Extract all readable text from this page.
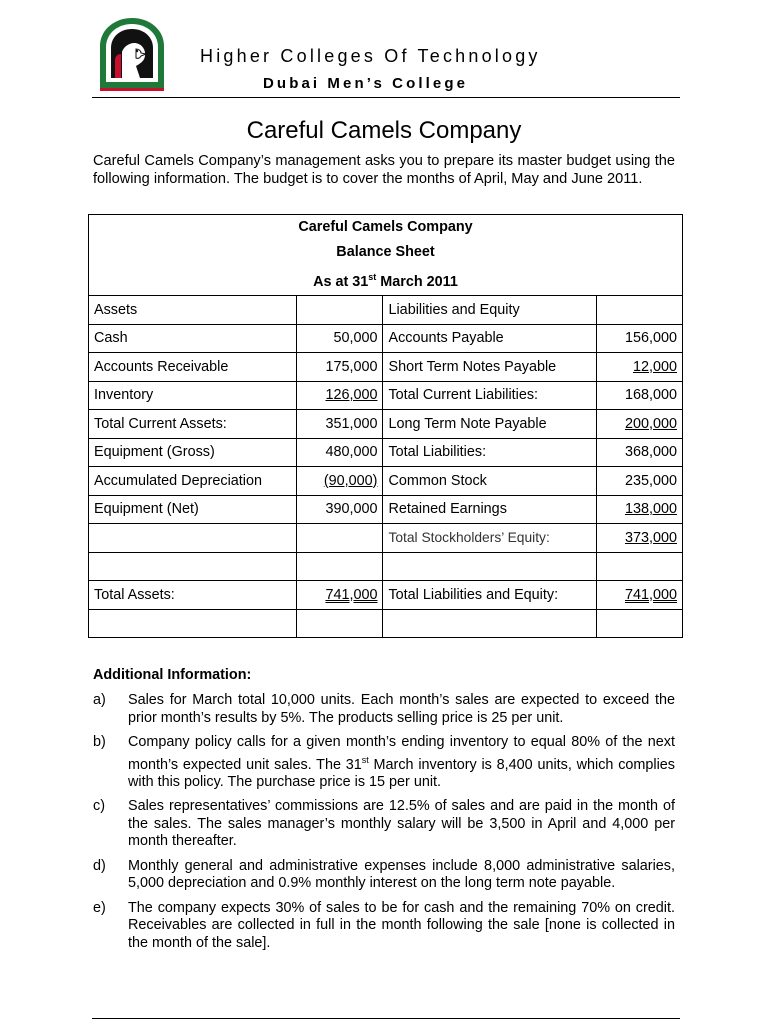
Higher Colleges Of Technology
Dubai Men’s College
Careful Camels Company
Careful Camels Company’s management asks you to prepare its master budget using the following information. The budget is to cover the months of April, May and June 2011.
Careful Camels Company
Balance Sheet
As at 31st March 2011			

Assets		Liabilities and Equity	
Cash	50,000	Accounts Payable	156,000
Accounts Receivable	175,000	Short Term Notes Payable	12,000
Inventory	126,000	Total Current Liabilities:	168,000
Total Current Assets:	351,000	Long Term Note Payable	200,000
Equipment (Gross)	480,000	Total Liabilities:	368,000
Accumulated Depreciation	(90,000)	Common Stock	235,000
Equipment (Net)	390,000	Retained Earnings	138,000
		Total Stockholders’ Equity:	373,000

Total Assets:	741,000	Total Liabilities and Equity:	741,000

Additional Information:
a)	Sales for March total 10,000 units. Each month’s sales are expected to exceed the prior month’s results by 5%. The products selling price is 25 per unit.
b)	Company policy calls for a given month’s ending inventory to equal 80% of the next month’s expected unit sales. The 31st March inventory is 8,400 units, which complies with this policy. The purchase price is 15 per unit.
c)	Sales representatives’ commissions are 12.5% of sales and are paid in the month of the sales. The sales manager’s monthly salary will be 3,500 in April and 4,000 per month thereafter.
d)	Monthly general and administrative expenses include 8,000 administrative salaries, 5,000 depreciation and 0.9% monthly interest on the long term note payable.
e)	The company expects 30% of sales to be for cash and the remaining 70% on credit. Receivables are collected in full in the month following the sale [none is collected in the month of the sale].
